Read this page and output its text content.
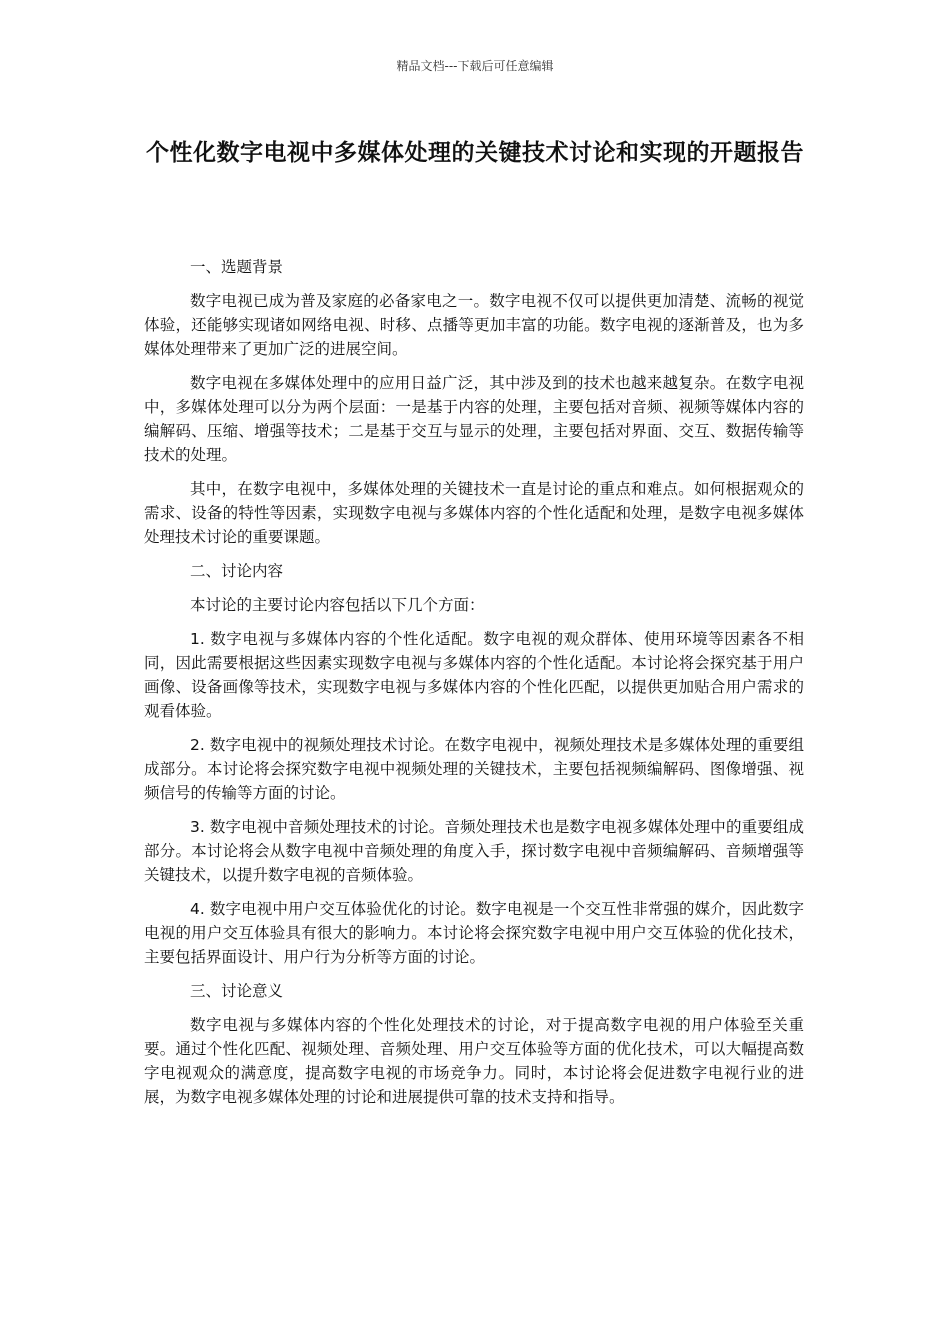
精品文档---下载后可任意编辑
个性化数字电视中多媒体处理的关键技术讨论和实现的开题报告

一、选题背景

数字电视已成为普及家庭的必备家电之一。数字电视不仅可以提供更加清楚、流畅的视觉体验，还能够实现诸如网络电视、时移、点播等更加丰富的功能。数字电视的逐渐普及，也为多媒体处理带来了更加广泛的进展空间。

数字电视在多媒体处理中的应用日益广泛，其中涉及到的技术也越来越复杂。在数字电视中，多媒体处理可以分为两个层面：一是基于内容的处理，主要包括对音频、视频等媒体内容的编解码、压缩、增强等技术；二是基于交互与显示的处理，主要包括对界面、交互、数据传输等技术的处理。

其中，在数字电视中，多媒体处理的关键技术一直是讨论的重点和难点。如何根据观众的需求、设备的特性等因素，实现数字电视与多媒体内容的个性化适配和处理，是数字电视多媒体处理技术讨论的重要课题。

二、讨论内容

本讨论的主要讨论内容包括以下几个方面：

1. 数字电视与多媒体内容的个性化适配。数字电视的观众群体、使用环境等因素各不相同，因此需要根据这些因素实现数字电视与多媒体内容的个性化适配。本讨论将会探究基于用户画像、设备画像等技术，实现数字电视与多媒体内容的个性化匹配，以提供更加贴合用户需求的观看体验。

2. 数字电视中的视频处理技术讨论。在数字电视中，视频处理技术是多媒体处理的重要组成部分。本讨论将会探究数字电视中视频处理的关键技术，主要包括视频编解码、图像增强、视频信号的传输等方面的讨论。

3. 数字电视中音频处理技术的讨论。音频处理技术也是数字电视多媒体处理中的重要组成部分。本讨论将会从数字电视中音频处理的角度入手，探讨数字电视中音频编解码、音频增强等关键技术，以提升数字电视的音频体验。

4. 数字电视中用户交互体验优化的讨论。数字电视是一个交互性非常强的媒介，因此数字电视的用户交互体验具有很大的影响力。本讨论将会探究数字电视中用户交互体验的优化技术，主要包括界面设计、用户行为分析等方面的讨论。

三、讨论意义

数字电视与多媒体内容的个性化处理技术的讨论，对于提高数字电视的用户体验至关重要。通过个性化匹配、视频处理、音频处理、用户交互体验等方面的优化技术，可以大幅提高数字电视观众的满意度，提高数字电视的市场竞争力。同时，本讨论将会促进数字电视行业的进展，为数字电视多媒体处理的讨论和进展提供可靠的技术支持和指导。
